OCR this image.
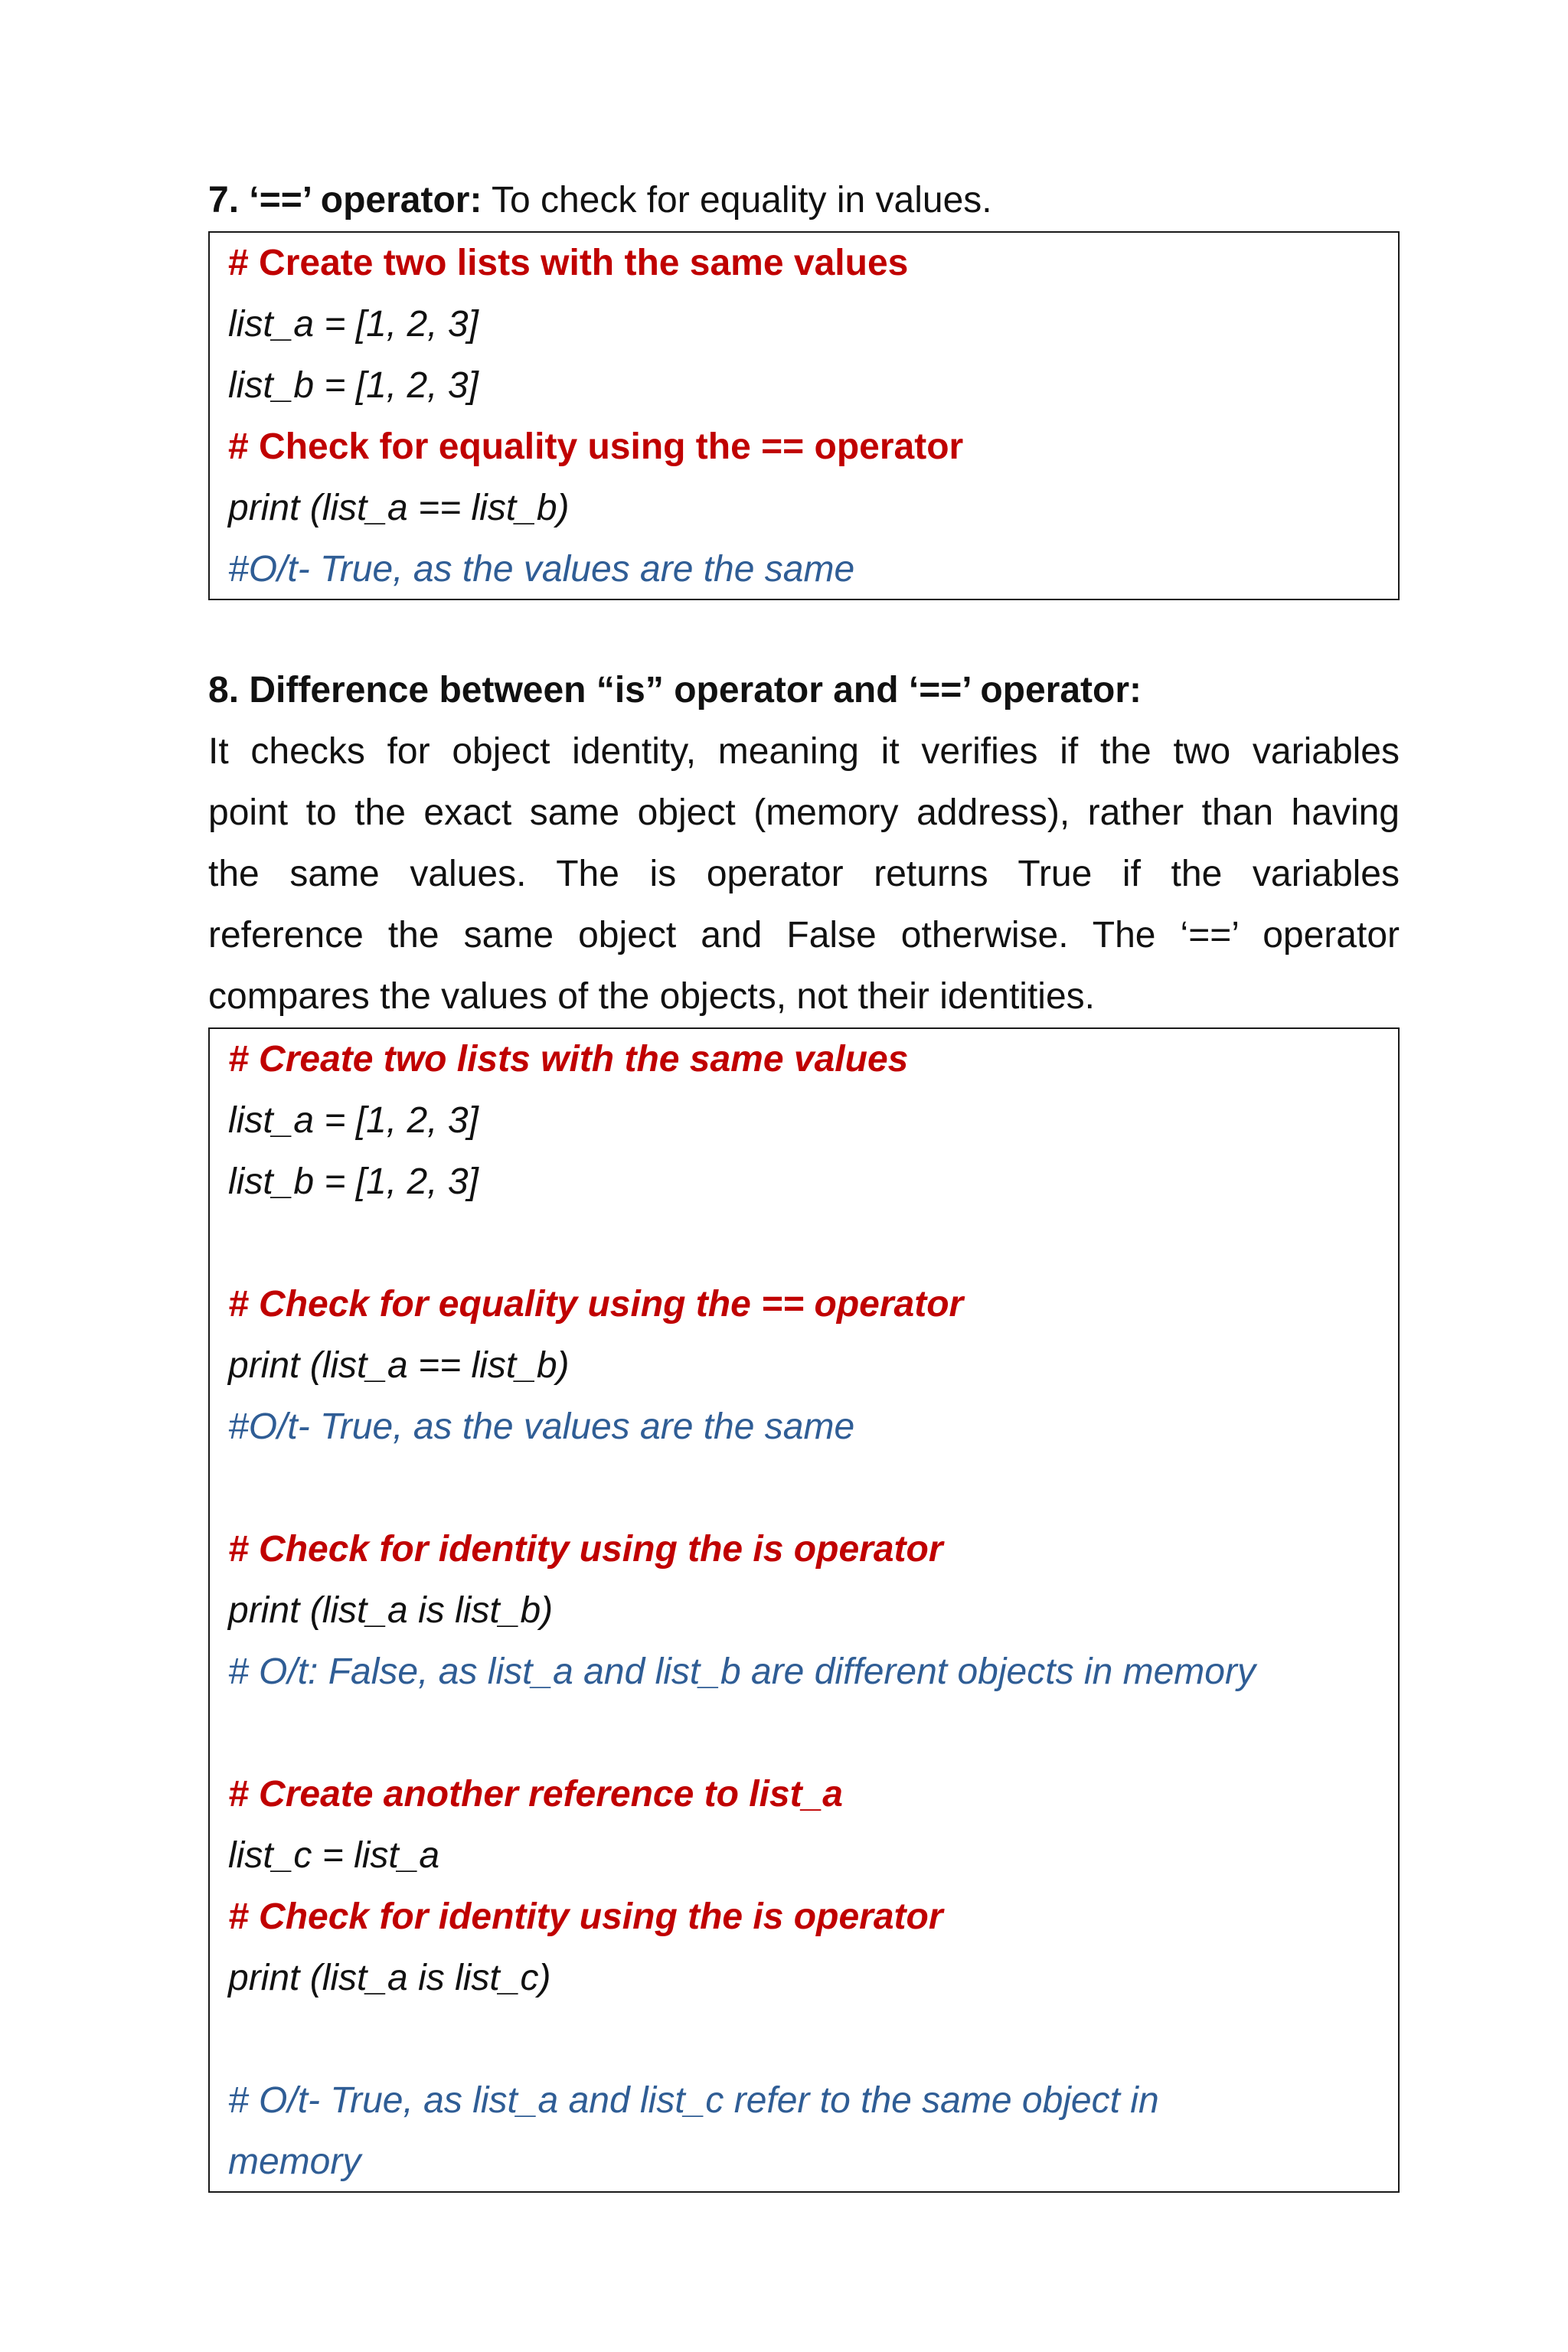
7. ‘==’ operator: To check for equality in values.
# Create two lists with the same values
list_a = [1, 2, 3]
list_b = [1, 2, 3]
# Check for equality using the == operator
print (list_a == list_b)
#O/t- True, as the values are the same
8. Difference between “is” operator and ‘==’ operator:
It checks for object identity, meaning it verifies if the two variables
point to the exact same object (memory address), rather than having
the same values. The is operator returns True if the variables
reference the same object and False otherwise. The ‘==’ operator
compares the values of the objects, not their identities.
# Create two lists with the same values
list_a = [1, 2, 3]
list_b = [1, 2, 3]
# Check for equality using the == operator
print (list_a == list_b)
#O/t- True, as the values are the same
# Check for identity using the is operator
print (list_a is list_b)
# O/t: False, as list_a and list_b are different objects in memory
# Create another reference to list_a
list_c = list_a
# Check for identity using the is operator
print (list_a is list_c)
# O/t- True, as list_a and list_c refer to the same object in
memory
